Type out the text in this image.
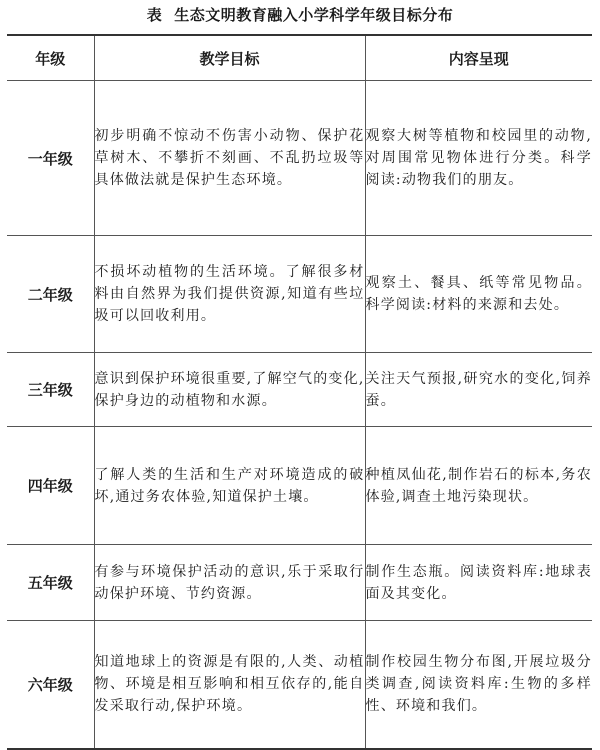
表 生态文明教育融入小学科学年级目标分布
年级	教学目标	内容呈现
一年级	初步明确不惊动不伤害小动物、保护花草树木、不攀折不刻画、不乱扔垃圾等具体做法就是保护生态环境。	观察大树等植物和校园里的动物,对周围常见物体进行分类。科学阅读:动物我们的朋友。

二年级	不损坏动植物的生活环境。了解很多材料由自然界为我们提供资源,知道有些垃圾可以回收利用。	观察土、餐具、纸等常见物品。科学阅读:材料的来源和去处。

三年级	意识到保护环境很重要,了解空气的变化,保护身边的动植物和水源。	关注天气预报,研究水的变化,饲养蚕。

四年级	了解人类的生活和生产对环境造成的破坏,通过务农体验,知道保护土壤。	种植凤仙花,制作岩石的标本,务农体验,调查土地污染现状。

五年级	有参与环境保护活动的意识,乐于采取行动保护环境、节约资源。	制作生态瓶。阅读资料库:地球表面及其变化。

六年级	知道地球上的资源是有限的,人类、动植物、环境是相互影响和相互依存的,能自发采取行动,保护环境。	制作校园生物分布图,开展垃圾分类调查,阅读资料库:生物的多样性、环境和我们。
